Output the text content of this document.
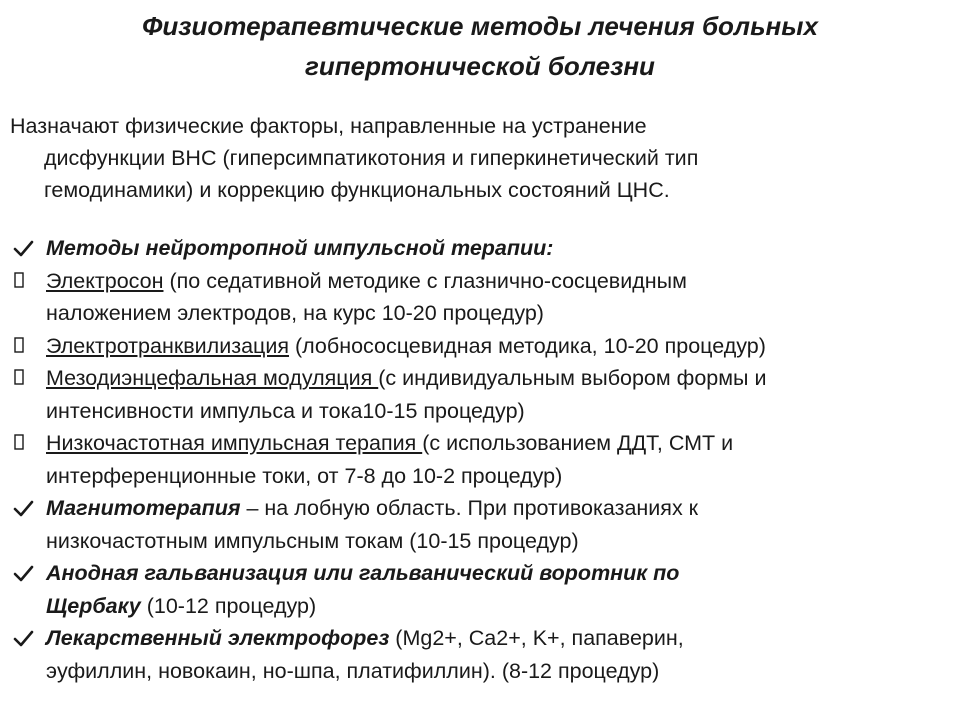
Физиотерапевтические методы лечения больных
гипертонической болезни
Назначают физические факторы, направленные на устранение
дисфункции ВНС (гиперсимпатикотония и гиперкинетический тип
гемодинамики) и коррекцию функциональных состояний ЦНС.
Методы нейротропной импульсной терапии:
Электросон (по седативной методике с глазнично-сосцевидным
наложением электродов, на курс 10-20 процедур)
Электротранквилизация (лобнососцевидная методика, 10-20 процедур)
Мезодиэнцефальная модуляция (с индивидуальным выбором формы и
интенсивности импульса и тока10-15 процедур)
Низкочастотная импульсная терапия (с использованием ДДТ, СМТ и
интерференционные токи, от 7-8 до 10-2 процедур)
Магнитотерапия – на лобную область. При противоказаниях к
низкочастотным импульсным токам (10-15 процедур)
Анодная гальванизация или гальванический воротник по
Щербаку (10-12 процедур)
Лекарственный электрофорез (Mg2+, Ca2+, K+, папаверин,
эуфиллин, новокаин, но-шпа, платифиллин). (8-12 процедур)
